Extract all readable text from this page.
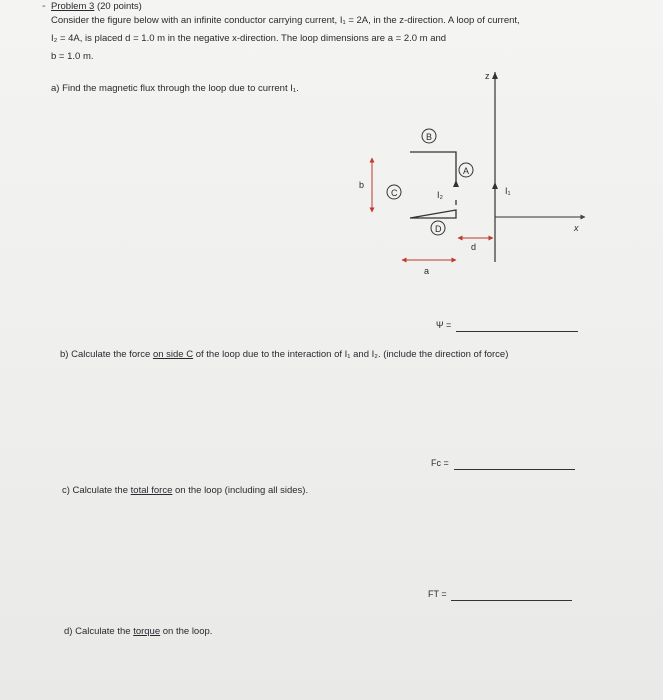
- Problem 3 (20 points)
Consider the figure below with an infinite conductor carrying current, I₁ = 2A, in the z-direction. A loop of current,
I₂ = 4A, is placed d = 1.0 m in the negative x-direction. The loop dimensions are a = 2.0 m and
b = 1.0 m.
a) Find the magnetic flux through the loop due to current I₁.
z
x
I₁
I₂
B
A
C
D
b
d
a
Ψ =
b) Calculate the force on side C of the loop due to the interaction of I₁ and I₂. (include the direction of force)
Fc =
c) Calculate the total force on the loop (including all sides).
FT =
d) Calculate the torque on the loop.
